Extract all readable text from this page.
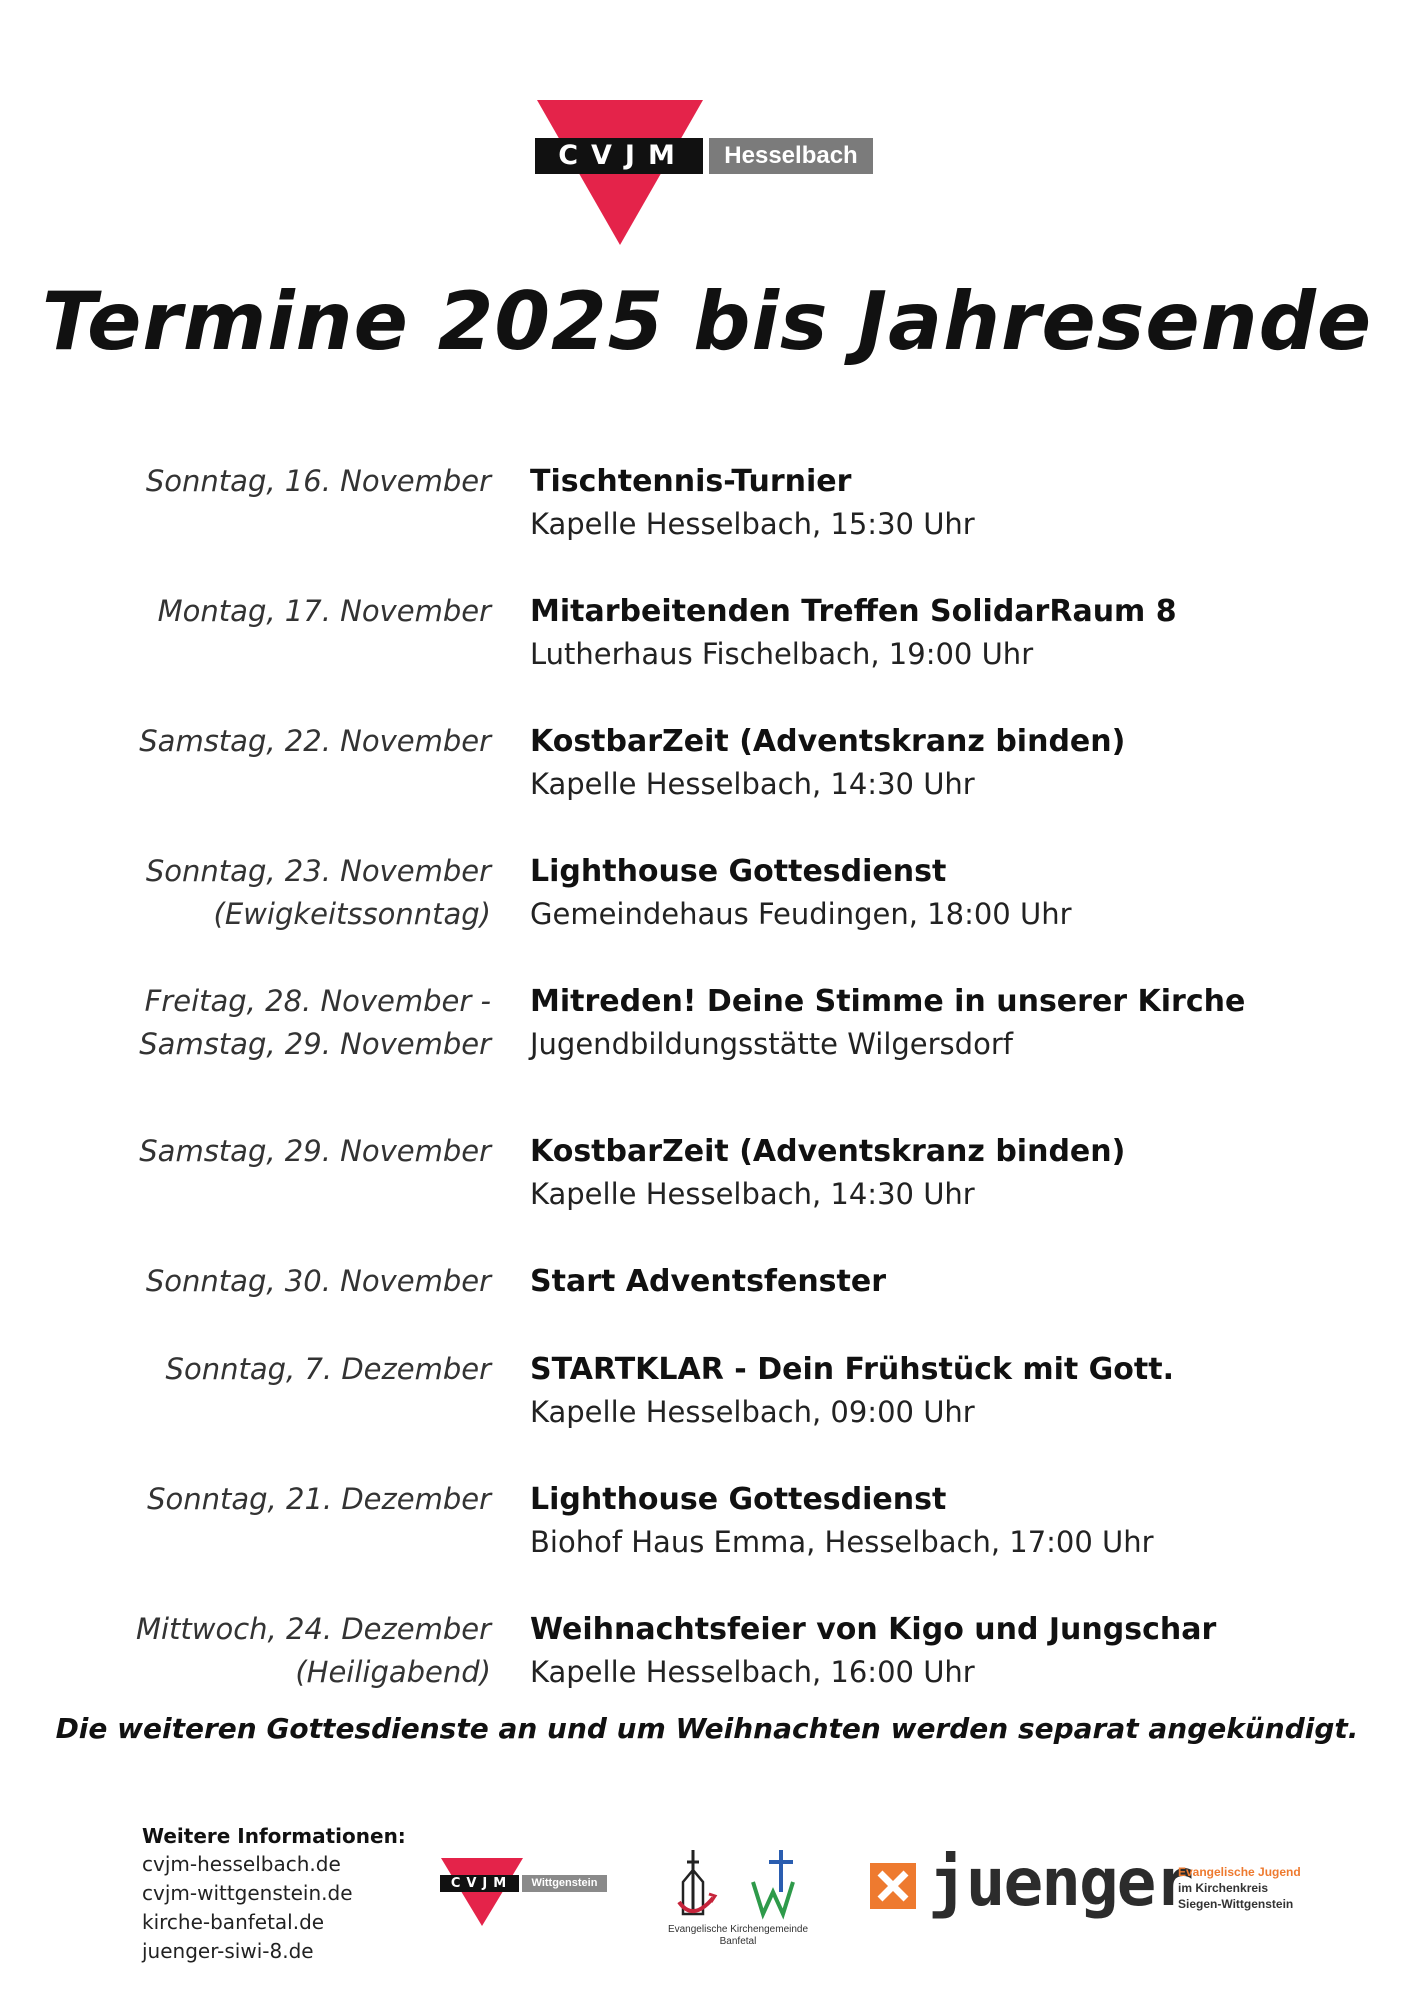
CVJM	Hesselbach
Termine 2025 bis Jahresende
Sonntag, 16. November Tischtennis-Turnier
Kapelle Hesselbach, 15:30 Uhr
Montag, 17. November Mitarbeitenden Treffen SolidarRaum 8
Lutherhaus Fischelbach, 19:00 Uhr
Samstag, 22. November KostbarZeit (Adventskranz binden)
Kapelle Hesselbach, 14:30 Uhr
Sonntag, 23. November
(Ewigkeitssonntag)
Lighthouse Gottesdienst
Gemeindehaus Feudingen, 18:00 Uhr
Freitag, 28. November -
Samstag, 29. November
Mitreden! Deine Stimme in unserer Kirche
Jugendbildungsstätte Wilgersdorf
Samstag, 29. November KostbarZeit (Adventskranz binden)
Kapelle Hesselbach, 14:30 Uhr
Sonntag, 30. November Start Adventsfenster
Sonntag, 7. Dezember STARTKLAR - Dein Frühstück mit Gott.
Kapelle Hesselbach, 09:00 Uhr
Sonntag, 21. Dezember Lighthouse Gottesdienst
Biohof Haus Emma, Hesselbach, 17:00 Uhr
Mittwoch, 24. Dezember
(Heiligabend)
Weihnachtsfeier von Kigo und Jungschar
Kapelle Hesselbach, 16:00 Uhr
Die weiteren Gottesdienste an und um Weihnachten werden separat angekündigt.
Weitere Informationen:
cvjm-hesselbach.de
cvjm-wittgenstein.de
kirche-banfetal.de
juenger-siwi-8.de
CVJM	Wittgenstein
Evangelische Kirchengemeinde
Banfetal
juenger
Evangelische Jugend
im Kirchenkreis
Siegen-Wittgenstein
